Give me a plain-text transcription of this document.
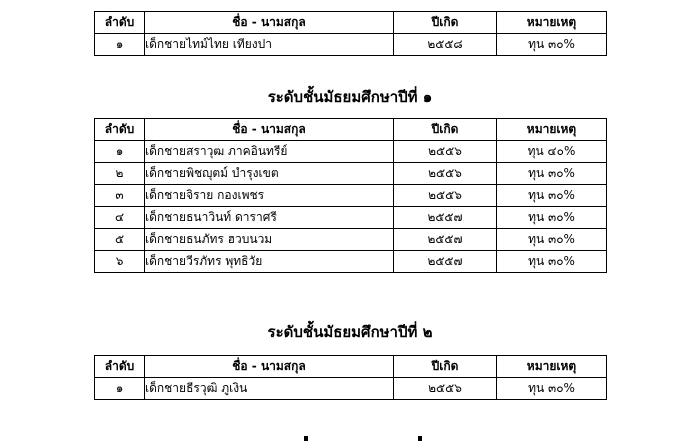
ลำดับ	ชื่อ - นามสกุล	ปีเกิด	หมายเหตุ
๑	เด็กชายไทม์ไทย เทียงปา	๒๕๕๘	ทุน ๓๐%
ระดับชั้นมัธยมศึกษาปีที่ ๑
ลำดับ	ชื่อ - นามสกุล	ปีเกิด	หมายเหตุ
๑	เด็กชายสราวุฒ ภาคอินทรีย์	๒๕๕๖	ทุน ๔๐%
๒	เด็กชายพิชญุตม์ บำรุงเขต	๒๕๕๖	ทุน ๓๐%
๓	เด็กชายจิราย กองเพชร	๒๕๕๖	ทุน ๓๐%
๔	เด็กชายธนาวินท์ ดาราศรี	๒๕๕๗	ทุน ๓๐%
๕	เด็กชายธนภัทร ฮวบนวม	๒๕๕๗	ทุน ๓๐%
๖	เด็กชายวีรภัทร พุทธิวัย	๒๕๕๗	ทุน ๓๐%
ระดับชั้นมัธยมศึกษาปีที่ ๒
ลำดับ	ชื่อ - นามสกุล	ปีเกิด	หมายเหตุ
๑	เด็กชายธีรวุฒิ ภูเงิน	๒๕๕๖	ทุน ๓๐%
